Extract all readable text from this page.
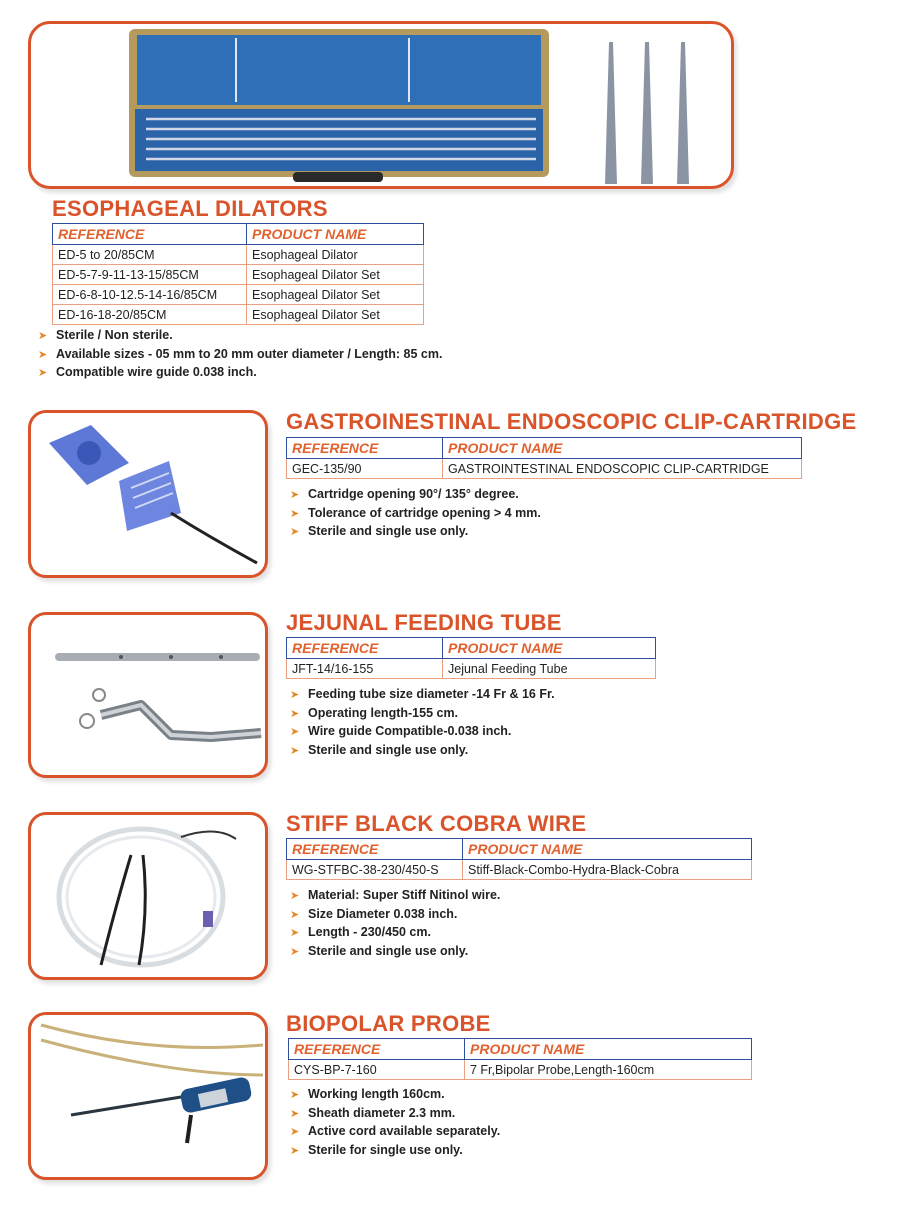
ESOPHAGEAL DILATORS
REFERENCE	PRODUCT NAME
ED-5 to 20/85CM	Esophageal Dilator
ED-5-7-9-11-13-15/85CM	Esophageal Dilator Set
ED-6-8-10-12.5-14-16/85CM	Esophageal Dilator Set
ED-16-18-20/85CM	Esophageal Dilator Set
➤ Sterile / Non sterile.
➤ Available sizes - 05 mm to 20 mm outer diameter / Length: 85 cm.
➤ Compatible wire guide 0.038 inch.
GASTROINESTINAL ENDOSCOPIC CLIP-CARTRIDGE
REFERENCE	PRODUCT NAME
GEC-135/90	GASTROINTESTINAL ENDOSCOPIC CLIP-CARTRIDGE
➤ Cartridge opening 90°/ 135° degree.
➤ Tolerance of cartridge opening > 4 mm.
➤ Sterile and single use only.
JEJUNAL FEEDING TUBE
REFERENCE	PRODUCT NAME
JFT-14/16-155	Jejunal Feeding Tube
➤ Feeding tube size diameter -14 Fr & 16 Fr.
➤ Operating length-155 cm.
➤ Wire guide Compatible-0.038 inch.
➤ Sterile and single use only.
STIFF BLACK COBRA WIRE
REFERENCE	PRODUCT NAME
WG-STFBC-38-230/450-S	Stiff-Black-Combo-Hydra-Black-Cobra
➤ Material: Super Stiff Nitinol wire.
➤ Size Diameter 0.038 inch.
➤ Length - 230/450 cm.
➤ Sterile and single use only.
BIOPOLAR PROBE
REFERENCE	PRODUCT NAME
CYS-BP-7-160	7 Fr,Bipolar Probe,Length-160cm
➤ Working length 160cm.
➤ Sheath diameter 2.3 mm.
➤ Active cord available separately.
➤ Sterile for single use only.
